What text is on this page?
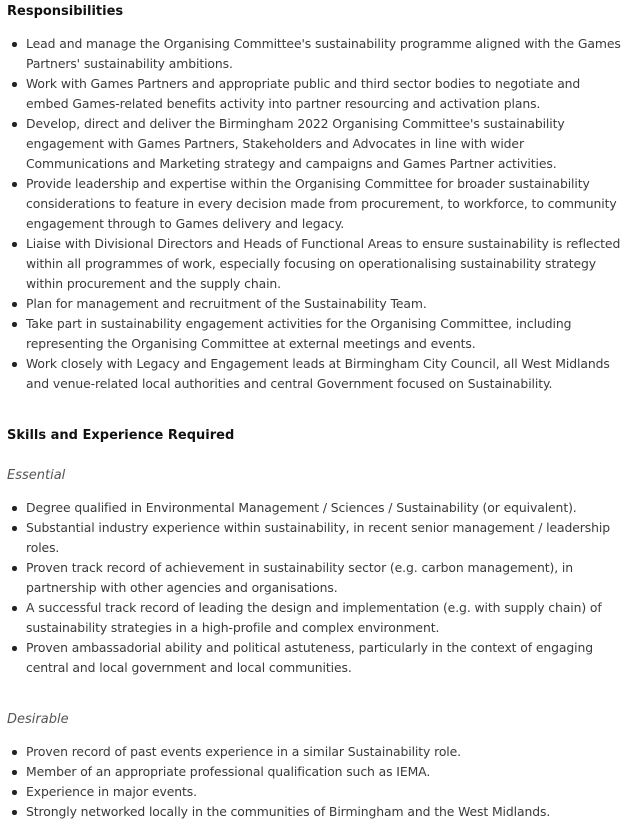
Responsibilities
Lead and manage the Organising Committee's sustainability programme aligned with the Games Partners' sustainability ambitions.
Work with Games Partners and appropriate public and third sector bodies to negotiate and embed Games-related benefits activity into partner resourcing and activation plans.
Develop, direct and deliver the Birmingham 2022 Organising Committee's sustainability engagement with Games Partners, Stakeholders and Advocates in line with wider Communications and Marketing strategy and campaigns and Games Partner activities.
Provide leadership and expertise within the Organising Committee for broader sustainability considerations to feature in every decision made from procurement, to workforce, to community engagement through to Games delivery and legacy.
Liaise with Divisional Directors and Heads of Functional Areas to ensure sustainability is reflected within all programmes of work, especially focusing on operationalising sustainability strategy within procurement and the supply chain.
Plan for management and recruitment of the Sustainability Team.
Take part in sustainability engagement activities for the Organising Committee, including representing the Organising Committee at external meetings and events.
Work closely with Legacy and Engagement leads at Birmingham City Council, all West Midlands and venue-related local authorities and central Government focused on Sustainability.
Skills and Experience Required

Essential

Degree qualified in Environmental Management / Sciences / Sustainability (or equivalent).
Substantial industry experience within sustainability, in recent senior management / leadership roles.
Proven track record of achievement in sustainability sector (e.g. carbon management), in partnership with other agencies and organisations.
A successful track record of leading the design and implementation (e.g. with supply chain) of sustainability strategies in a high-profile and complex environment.
Proven ambassadorial ability and political astuteness, particularly in the context of engaging central and local government and local communities.

Desirable

Proven record of past events experience in a similar Sustainability role.
Member of an appropriate professional qualification such as IEMA.
Experience in major events.
Strongly networked locally in the communities of Birmingham and the West Midlands.
